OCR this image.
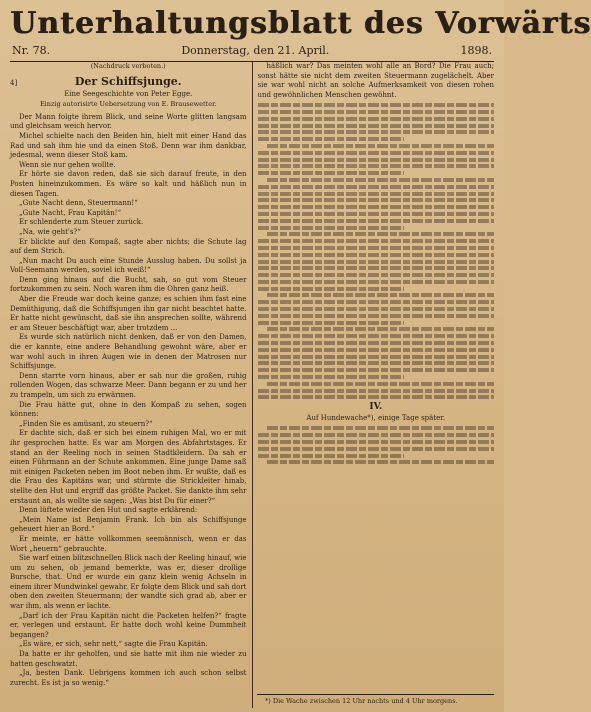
Unterhaltungsblatt des Vorwärts
Nr. 78.	Donnerstag, den 21. April.	1898.
(Nachdruck verboten.)
4]	Der Schiffsjunge.
Eine Seegeschichte von Peter Egge.
Einzig autorisirte Uebersetzung von E. Brausewetter.

Der Mann folgte ihrem Blick, und seine Worte glitten langsam und gleichsam weich hervor.

Michel schielte nach den Beiden hin, hielt mit einer Hand das Rad und sah ihm hie und da einen Stoß. Denn war ihm dankbar, jedesmal, wenn dieser Stoß kam.

Wenn sie nur gehen wollte.

Er hörte sie davon reden, daß sie sich darauf freute, in den Posten hineinzukommen. Es wäre so kalt und häßlich nun in diesen Tagen.

„Gute Nacht denn, Steuermann!“

„Gute Nacht, Frau Kapitän!“

Er schlenderte zum Steuer zurück.

„Na, wie geht's?“

Er blickte auf den Kompaß, sagte aber nichts; die Schute lag auf dem Strich.

„Nun macht Du auch eine Stunde Ausslug haben. Du sollst ja Voll-Seemann werden, soviel ich weiß!“

Denn ging hinaus auf die Bucht, sah, so gut vom Steuer fortzukommen zu sein. Noch waren ihm die Ohren ganz heiß.

Aber die Freude war doch keine ganze; es schien ihm fast eine Demüthigung, daß die Schiffsjungen ihn gar nicht beachtet hatte. Er hatte nicht gewünscht, daß sie ihn ansprechen sollte, während er am Steuer beschäftigt war, aber trotzdem ...

Es wurde sich natürlich nicht denken, daß er von den Damen, die er kannte, eine andere Behandlung gewohnt wäre, aber er war wohl auch in ihren Augen wie in denen der Matrosen nur Schiffsjunge.

Denn starrte vorn hinaus, aber er sah nur die großen, ruhig rollenden Wogen, das schwarze Meer. Dann begann er zu und her zu trampeln, um sich zu erwärmen.

Die Frau hätte gut, ohne in den Kompaß zu sehen, sogen können:

„Finden Sie es amüsant, zu steuern?“

Er dachte sich, daß er sich bei einem ruhigen Mal, wo er mit ihr gesprochen hatte. Es war am Morgen des Abfahrtstages. Er stand an der Reeling noch in seinen Stadtkleidern. Da sah er einen Führmann an der Schute ankommen. Eine junge Dame saß mit einigen Packeten neben im Boot neben ihm. Er wußte, daß es die Frau des Kapitäns war, und stürmte die Strickleiter hinab, stellte den Hut und ergriff das größte Packet. Sie dankte ihm sehr erstaunt an, als wollte sie sagen: „Was bist Du für einer?“

Denn lüftete wieder den Hut und sagte erklärend:

„Mein Name ist Benjamin Frank. Ich bin als Schiffsjunge geheuert hier an Bord.“

Er meinte, er hätte vollkommen seemännisch, wenn er das Wort „heuern“ gebrauchte.

Sie warf einen blitzschnellen Blick nach der Reeling hinauf, wie um zu sehen, ob jemand bemerkte, was er, dieser drollige Bursche, that. Und er wurde ein ganz klein wenig Achseln in einem ihrer Mundwinkel gewahr. Er folgte dem Blick und sah dort oben den zweiten Steuermann; der wandte sich grad ab, aber er war ihm, als wenn er lachte.

„Darf ich der Frau Kapitän nicht die Packeten helfen?“ fragte er, verlegen und erstaunt. Er hatte doch wohl keine Dummheit begangen?

„Es wäre, er sich, sehr nett,“ sagte die Frau Kapitän.

Da hatte er ihr geholfen, und sie hatte mit ihm nie wieder zu hatten geschwatzt.

„Ja, besten Dank. Uebrigens kommen ich auch schon selbst zurecht. Es ist ja so wenig.“

häßlich war? Das meinten wohl alle an Bord? Die Frau auch; sonst hätte sie nicht dem zweiten Steuermann zugelächelt. Aber sie war wohl nicht an solche Aufmerksamkeit von diesen rohen und gewöhnlichen Menschen gewöhnt.

IV.
Auf Hundewache*), einige Tage später.
*) Die Wache zwischen 12 Uhr nachts und 4 Uhr morgens.
